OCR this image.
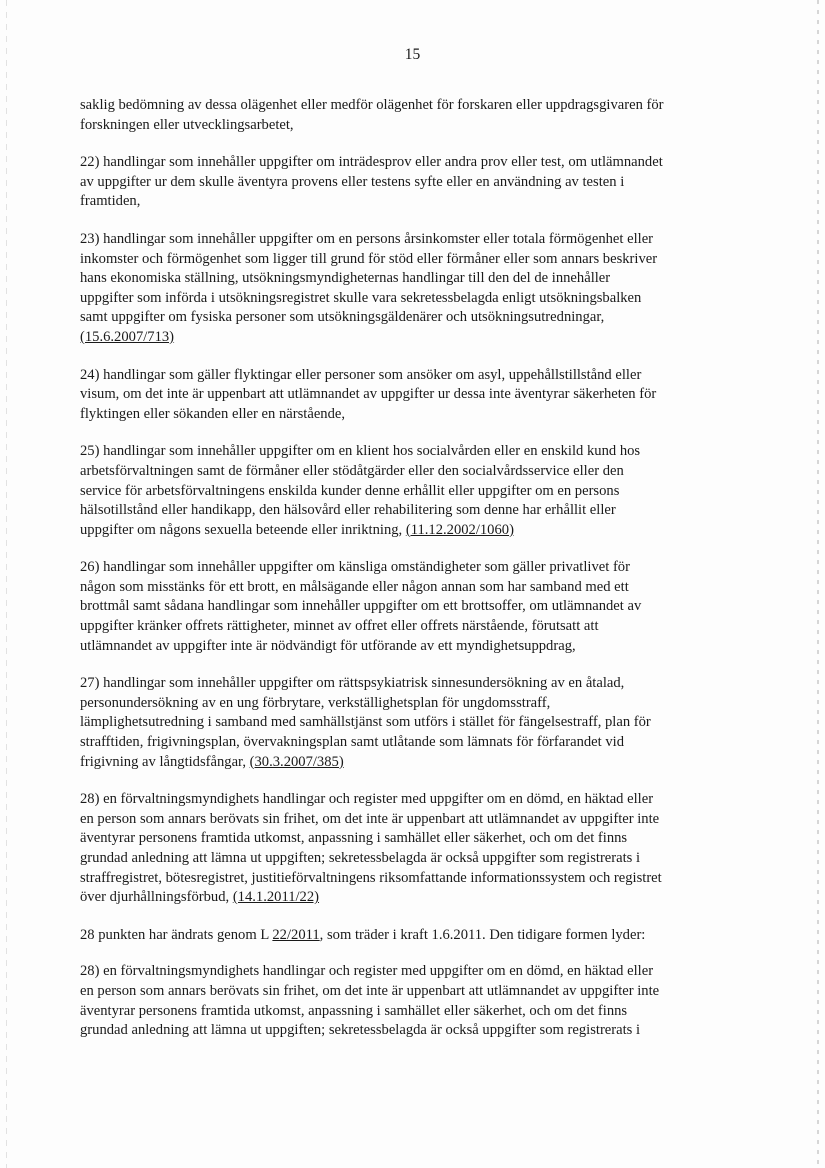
15

saklig bedömning av dessa olägenhet eller medför olägenhet för forskaren eller uppdragsgivaren för
forskningen eller utvecklingsarbetet,

22) handlingar som innehåller uppgifter om inträdesprov eller andra prov eller test, om utlämnandet
av uppgifter ur dem skulle äventyra provens eller testens syfte eller en användning av testen i
framtiden,

23) handlingar som innehåller uppgifter om en persons årsinkomster eller totala förmögenhet eller
inkomster och förmögenhet som ligger till grund för stöd eller förmåner eller som annars beskriver
hans ekonomiska ställning, utsökningsmyndigheternas handlingar till den del de innehåller
uppgifter som införda i utsökningsregistret skulle vara sekretessbelagda enligt utsökningsbalken
samt uppgifter om fysiska personer som utsökningsgäldenärer och utsökningsutredningar,
(15.6.2007/713)

24) handlingar som gäller flyktingar eller personer som ansöker om asyl, uppehållstillstånd eller
visum, om det inte är uppenbart att utlämnandet av uppgifter ur dessa inte äventyrar säkerheten för
flyktingen eller sökanden eller en närstående,

25) handlingar som innehåller uppgifter om en klient hos socialvården eller en enskild kund hos
arbetsförvaltningen samt de förmåner eller stödåtgärder eller den socialvårdsservice eller den
service för arbetsförvaltningens enskilda kunder denne erhållit eller uppgifter om en persons
hälsotillstånd eller handikapp, den hälsovård eller rehabilitering som denne har erhållit eller
uppgifter om någons sexuella beteende eller inriktning, (11.12.2002/1060)

26) handlingar som innehåller uppgifter om känsliga omständigheter som gäller privatlivet för
någon som misstänks för ett brott, en målsägande eller någon annan som har samband med ett
brottmål samt sådana handlingar som innehåller uppgifter om ett brottsoffer, om utlämnandet av
uppgifter kränker offrets rättigheter, minnet av offret eller offrets närstående, förutsatt att
utlämnandet av uppgifter inte är nödvändigt för utförande av ett myndighetsuppdrag,

27) handlingar som innehåller uppgifter om rättspsykiatrisk sinnesundersökning av en åtalad,
personundersökning av en ung förbrytare, verkställighetsplan för ungdomsstraff,
lämplighetsutredning i samband med samhällstjänst som utförs i stället för fängelsestraff, plan för
strafftiden, frigivningsplan, övervakningsplan samt utlåtande som lämnats för förfarandet vid
frigivning av långtidsfångar, (30.3.2007/385)

28) en förvaltningsmyndighets handlingar och register med uppgifter om en dömd, en häktad eller
en person som annars berövats sin frihet, om det inte är uppenbart att utlämnandet av uppgifter inte
äventyrar personens framtida utkomst, anpassning i samhället eller säkerhet, och om det finns
grundad anledning att lämna ut uppgiften; sekretessbelagda är också uppgifter som registrerats i
straffregistret, bötesregistret, justitieförvaltningens riksomfattande informationssystem och registret
över djurhållningsförbud, (14.1.2011/22)

28 punkten har ändrats genom L 22/2011, som träder i kraft 1.6.2011. Den tidigare formen lyder:

28) en förvaltningsmyndighets handlingar och register med uppgifter om en dömd, en häktad eller
en person som annars berövats sin frihet, om det inte är uppenbart att utlämnandet av uppgifter inte
äventyrar personens framtida utkomst, anpassning i samhället eller säkerhet, och om det finns
grundad anledning att lämna ut uppgiften; sekretessbelagda är också uppgifter som registrerats i
